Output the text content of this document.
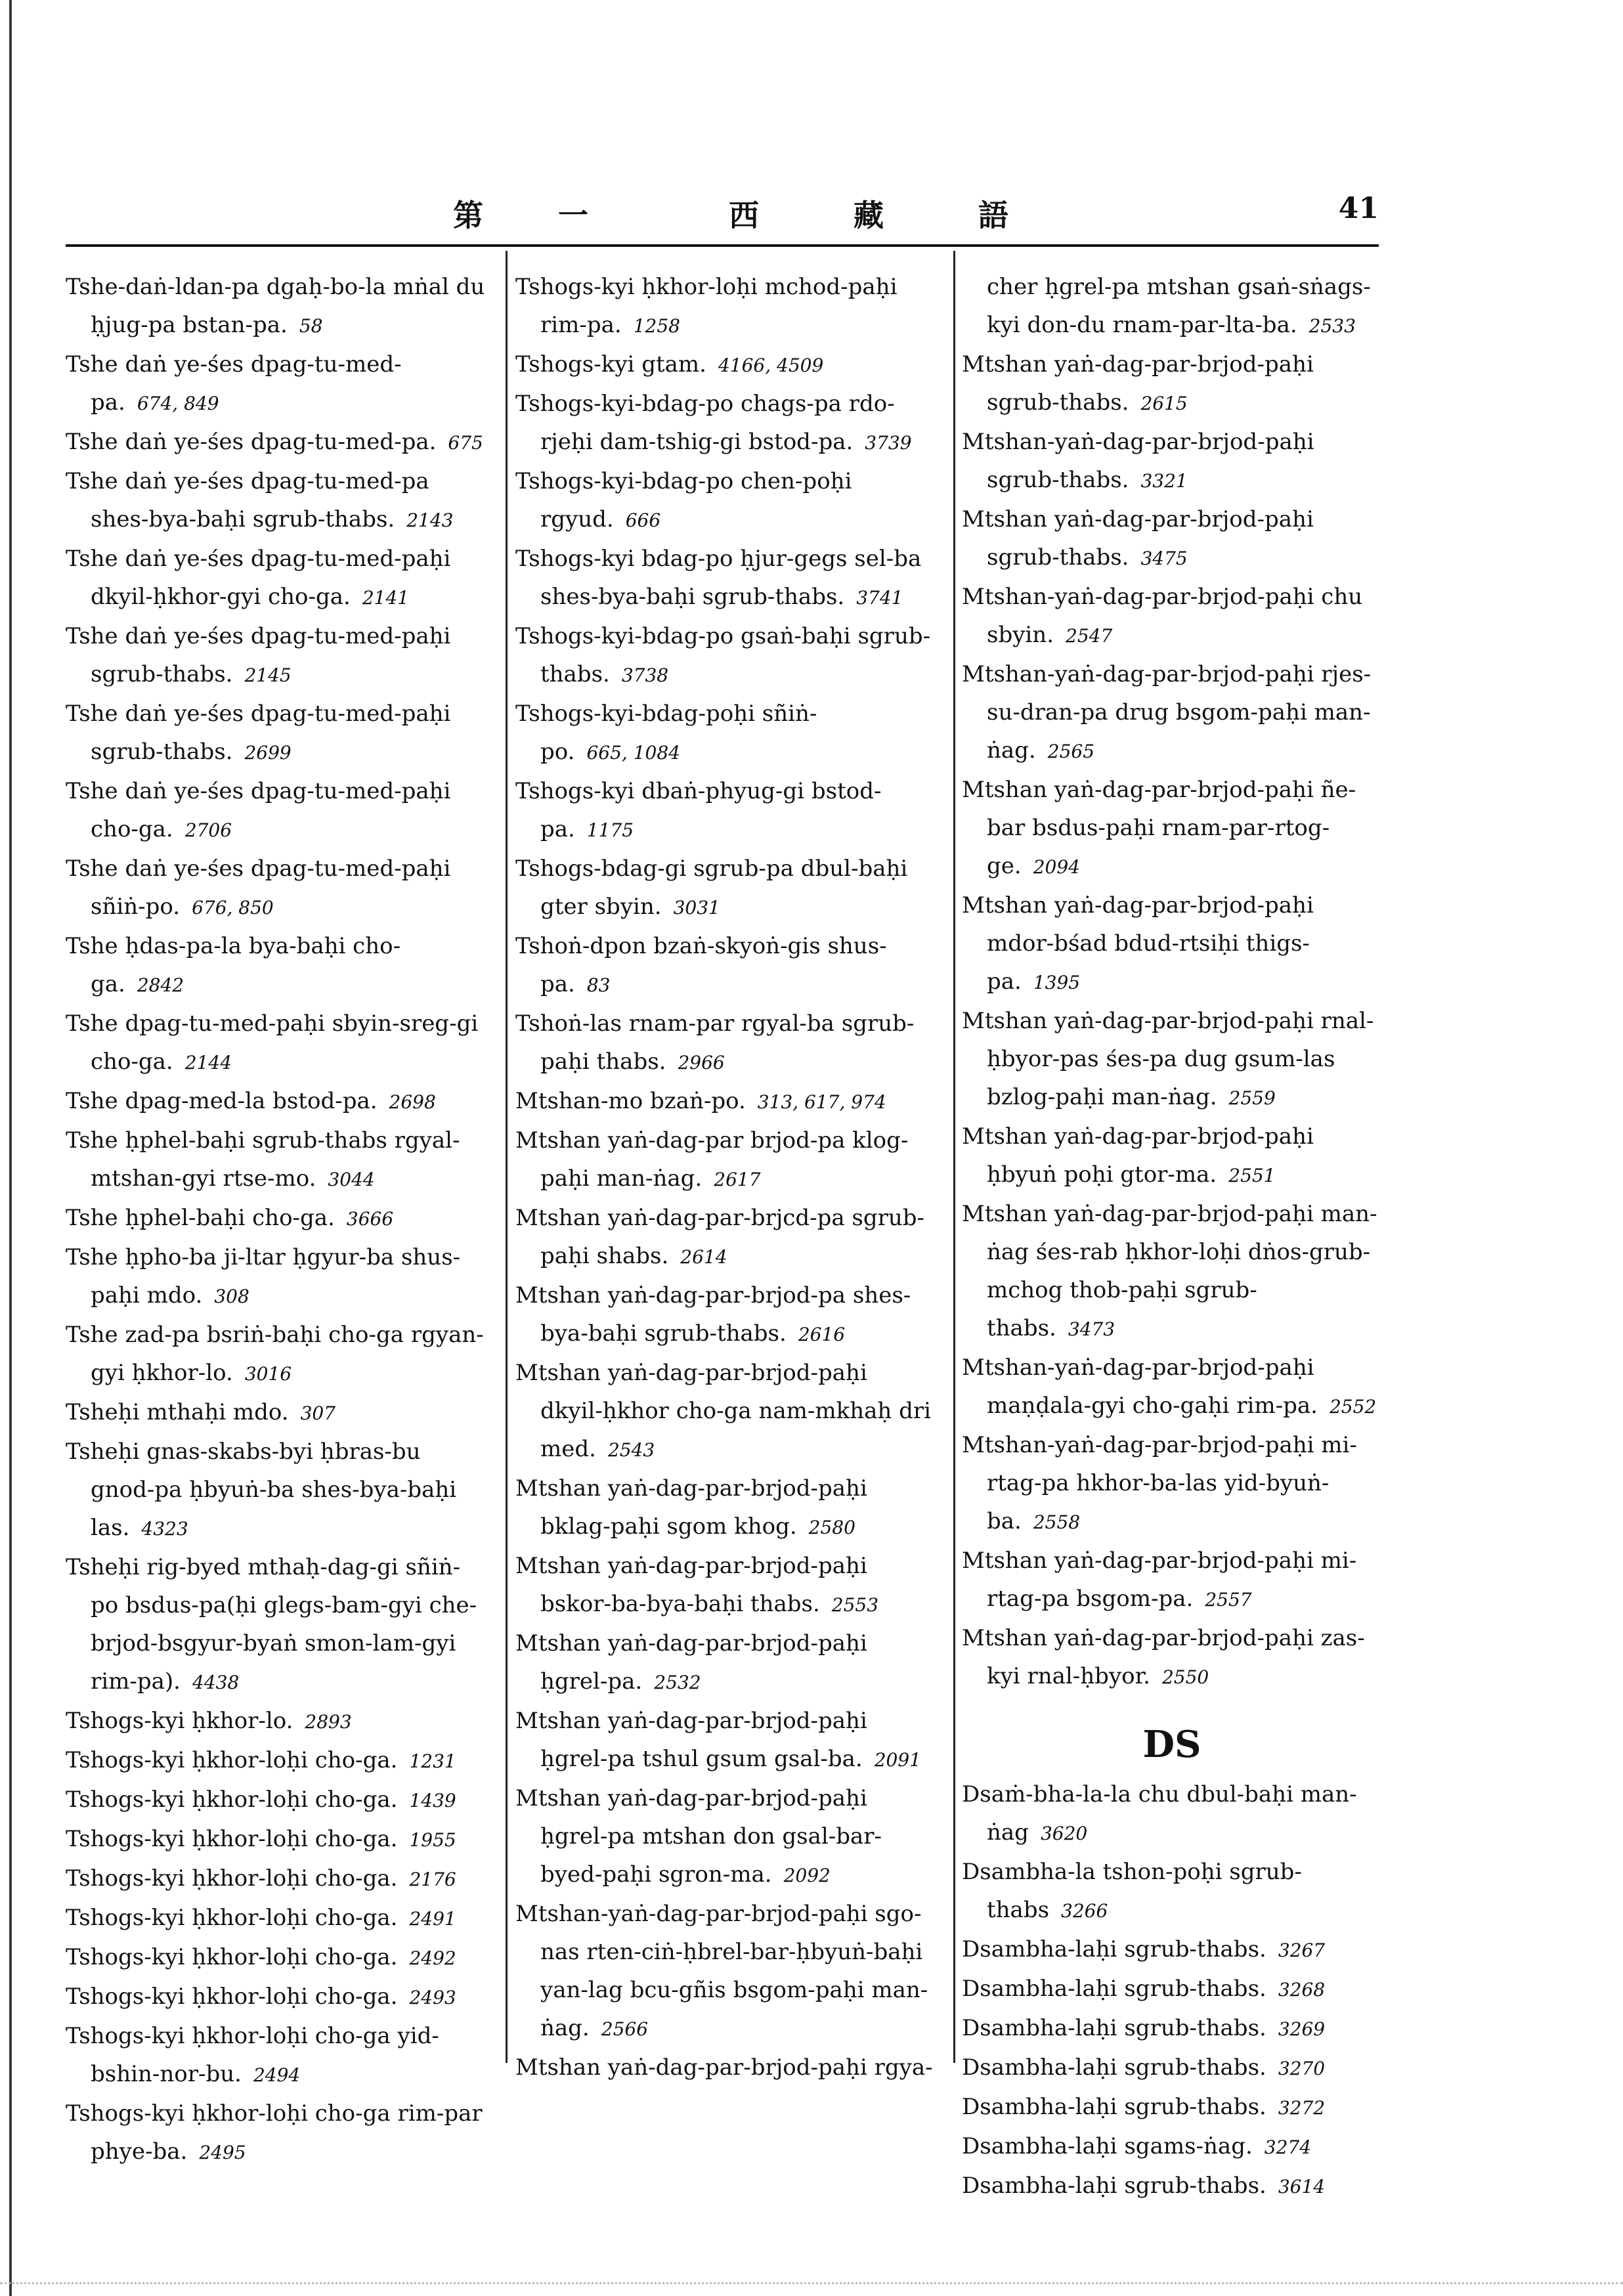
第 一	西	藏	語	41
Tshe-daṅ-ldan-pa dgaḥ-bo-la mṅal du ḥjug-pa bstan-pa. 58
Tshe daṅ ye-śes dpag-tu-med-pa. 674, 849
Tshe daṅ ye-śes dpag-tu-med-pa. 675
Tshe daṅ ye-śes dpag-tu-med-pa shes-bya-baḥi sgrub-thabs. 2143
Tshe daṅ ye-śes dpag-tu-med-paḥi dkyil-ḥkhor-gyi cho-ga. 2141
Tshe daṅ ye-śes dpag-tu-med-paḥi sgrub-thabs. 2145
Tshe daṅ ye-śes dpag-tu-med-paḥi sgrub-thabs. 2699
Tshe daṅ ye-śes dpag-tu-med-paḥi cho-ga. 2706
Tshe daṅ ye-śes dpag-tu-med-paḥi sñiṅ-po. 676, 850
Tshe ḥdas-pa-la bya-baḥi cho-ga. 2842
Tshe dpag-tu-med-paḥi sbyin-sreg-gi cho-ga. 2144
Tshe dpag-med-la bstod-pa. 2698
Tshe ḥphel-baḥi sgrub-thabs rgyal-mtshan-gyi rtse-mo. 3044
Tshe ḥphel-baḥi cho-ga. 3666
Tshe ḥpho-ba ji-ltar ḥgyur-ba shus-paḥi mdo. 308
Tshe zad-pa bsriṅ-baḥi cho-ga rgyan-gyi ḥkhor-lo. 3016
Tsheḥi mthaḥi mdo. 307
Tsheḥi gnas-skabs-byi ḥbras-bu gnod-pa ḥbyuṅ-ba shes-bya-baḥi las. 4323
Tsheḥi rig-byed mthaḥ-dag-gi sñiṅ-po bsdus-pa(ḥi glegs-bam-gyi che-brjod-bsgyur-byaṅ smon-lam-gyi rim-pa). 4438
Tshogs-kyi ḥkhor-lo. 2893
Tshogs-kyi ḥkhor-loḥi cho-ga. 1231
Tshogs-kyi ḥkhor-loḥi cho-ga. 1439
Tshogs-kyi ḥkhor-loḥi cho-ga. 1955
Tshogs-kyi ḥkhor-loḥi cho-ga. 2176
Tshogs-kyi ḥkhor-loḥi cho-ga. 2491
Tshogs-kyi ḥkhor-loḥi cho-ga. 2492
Tshogs-kyi ḥkhor-loḥi cho-ga. 2493
Tshogs-kyi ḥkhor-loḥi cho-ga yid-bshin-nor-bu. 2494
Tshogs-kyi ḥkhor-loḥi cho-ga rim-par phye-ba. 2495
Tshogs-kyi ḥkhor-loḥi mchod-paḥi rim-pa. 1258
Tshogs-kyi gtam. 4166, 4509
Tshogs-kyi-bdag-po chags-pa rdo-rjeḥi dam-tshig-gi bstod-pa. 3739
Tshogs-kyi-bdag-po chen-poḥi rgyud. 666
Tshogs-kyi bdag-po ḥjur-gegs sel-ba shes-bya-baḥi sgrub-thabs. 3741
Tshogs-kyi-bdag-po gsaṅ-baḥi sgrub-thabs. 3738
Tshogs-kyi-bdag-poḥi sñiṅ-po. 665, 1084
Tshogs-kyi dbaṅ-phyug-gi bstod-pa. 1175
Tshogs-bdag-gi sgrub-pa dbul-baḥi gter sbyin. 3031
Tshoṅ-dpon bzaṅ-skyoṅ-gis shus-pa. 83
Tshoṅ-las rnam-par rgyal-ba sgrub-paḥi thabs. 2966
Mtshan-mo bzaṅ-po. 313, 617, 974
Mtshan yaṅ-dag-par brjod-pa klog-paḥi man-ṅag. 2617
Mtshan yaṅ-dag-par-brjcd-pa sgrub-paḥi shabs. 2614
Mtshan yaṅ-dag-par-brjod-pa shes-bya-baḥi sgrub-thabs. 2616
Mtshan yaṅ-dag-par-brjod-paḥi dkyil-ḥkhor cho-ga nam-mkhaḥ dri med. 2543
Mtshan yaṅ-dag-par-brjod-paḥi bklag-paḥi sgom khog. 2580
Mtshan yaṅ-dag-par-brjod-paḥi bskor-ba-bya-baḥi thabs. 2553
Mtshan yaṅ-dag-par-brjod-paḥi ḥgrel-pa. 2532
Mtshan yaṅ-dag-par-brjod-paḥi ḥgrel-pa tshul gsum gsal-ba. 2091
Mtshan yaṅ-dag-par-brjod-paḥi ḥgrel-pa mtshan don gsal-bar-byed-paḥi sgron-ma. 2092
Mtshan-yaṅ-dag-par-brjod-paḥi sgo-nas rten-ciṅ-ḥbrel-bar-ḥbyuṅ-baḥi yan-lag bcu-gñis bsgom-paḥi man-ṅag. 2566
Mtshan yaṅ-dag-par-brjod-paḥi rgya-
cher ḥgrel-pa mtshan gsaṅ-sṅags-kyi don-du rnam-par-lta-ba. 2533
Mtshan yaṅ-dag-par-brjod-paḥi sgrub-thabs. 2615
Mtshan-yaṅ-dag-par-brjod-paḥi sgrub-thabs. 3321
Mtshan yaṅ-dag-par-brjod-paḥi sgrub-thabs. 3475
Mtshan-yaṅ-dag-par-brjod-paḥi chu sbyin. 2547
Mtshan-yaṅ-dag-par-brjod-paḥi rjes-su-dran-pa drug bsgom-paḥi man-ṅag. 2565
Mtshan yaṅ-dag-par-brjod-paḥi ñe-bar bsdus-paḥi rnam-par-rtog-ge. 2094
Mtshan yaṅ-dag-par-brjod-paḥi mdor-bśad bdud-rtsiḥi thigs-pa. 1395
Mtshan yaṅ-dag-par-brjod-paḥi rnal-ḥbyor-pas śes-pa dug gsum-las bzlog-paḥi man-ṅag. 2559
Mtshan yaṅ-dag-par-brjod-paḥi ḥbyuṅ poḥi gtor-ma. 2551
Mtshan yaṅ-dag-par-brjod-paḥi man-ṅag śes-rab ḥkhor-loḥi dṅos-grub-mchog thob-paḥi sgrub-thabs. 3473
Mtshan-yaṅ-dag-par-brjod-paḥi maṇḍala-gyi cho-gaḥi rim-pa. 2552
Mtshan-yaṅ-dag-par-brjod-paḥi mi-rtag-pa hkhor-ba-las yid-byuṅ-ba. 2558
Mtshan yaṅ-dag-par-brjod-paḥi mi-rtag-pa bsgom-pa. 2557
Mtshan yaṅ-dag-par-brjod-paḥi zas-kyi rnal-ḥbyor. 2550
DS
Dsaṁ-bha-la-la chu dbul-baḥi man-ṅag 3620
Dsambha-la tshon-poḥi sgrub-thabs 3266
Dsambha-laḥi sgrub-thabs. 3267
Dsambha-laḥi sgrub-thabs. 3268
Dsambha-laḥi sgrub-thabs. 3269
Dsambha-laḥi sgrub-thabs. 3270
Dsambha-laḥi sgrub-thabs. 3272
Dsambha-laḥi sgams-ṅag. 3274
Dsambha-laḥi sgrub-thabs. 3614
